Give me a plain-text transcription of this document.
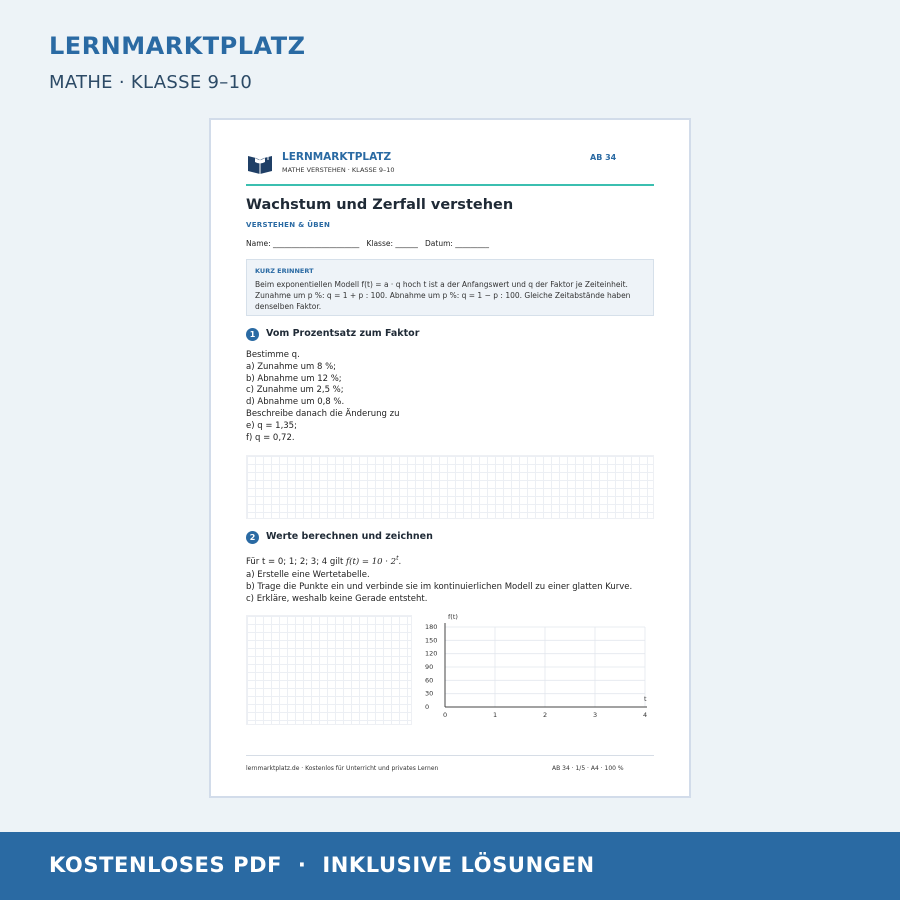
LERNMARKTPLATZ
MATHE · KLASSE 9–10
LERNMARKTPLATZ
MATHE VERSTEHEN · KLASSE 9–10
AB 34
Wachstum und Zerfall verstehen
VERSTEHEN & ÜBEN
Name: _______________________   Klasse: ______   Datum: _________
KURZ ERINNERT
Beim exponentiellen Modell f(t) = a · q hoch t ist a der Anfangswert und q der Faktor je Zeiteinheit. Zunahme um p %: q = 1 + p : 100. Abnahme um p %: q = 1 − p : 100. Gleiche Zeitabstände haben denselben Faktor.
1	Vom Prozentsatz zum Faktor
Bestimme q.
a) Zunahme um 8 %;
b) Abnahme um 12 %;
c) Zunahme um 2,5 %;
d) Abnahme um 0,8 %.
Beschreibe danach die Änderung zu
e) q = 1,35;
f) q = 0,72.
2	Werte berechnen und zeichnen
Für t = 0; 1; 2; 3; 4 gilt $f(t) = 10 \cdot 2^t$.
a) Erstelle eine Wertetabelle.
b) Trage die Punkte ein und verbinde sie im kontinuierlichen Modell zu einer glatten Kurve.
c) Erkläre, weshalb keine Gerade entsteht.
0
30
60
90
120
150
180
0	1	2	3	4
f(t)
t
lernmarktplatz.de · Kostenlos für Unterricht und privates Lernen	AB 34 · 1/5 · A4 · 100 %
KOSTENLOSES PDF  ·  INKLUSIVE LÖSUNGEN
